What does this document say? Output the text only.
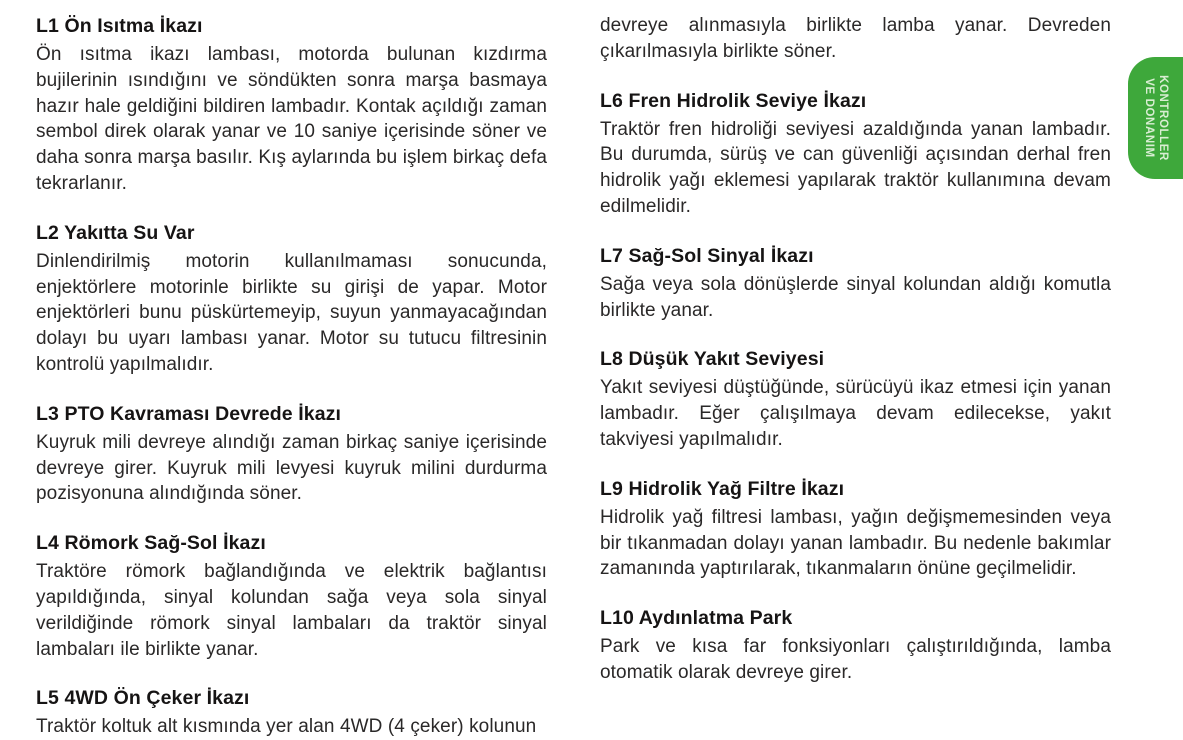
L1 Ön Isıtma İkazı

Ön ısıtma ikazı lambası, motorda bulunan kızdırma bujilerinin ısındığını ve söndükten sonra marşa basmaya hazır hale geldiğini bildiren lambadır. Kontak açıldığı zaman sembol direk olarak yanar ve 10 saniye içerisinde söner ve daha sonra marşa basılır. Kış aylarında bu işlem birkaç defa tekrarlanır.

L2 Yakıtta Su Var

Dinlendirilmiş motorin kullanılmaması sonucunda, enjektörlere motorinle birlikte su girişi de yapar. Motor enjektörleri bunu püskürtemeyip, suyun yanmayacağından dolayı bu uyarı lambası yanar. Motor su tutucu filtresinin kontrolü yapılmalıdır.

L3 PTO Kavraması Devrede İkazı

Kuyruk mili devreye alındığı zaman birkaç saniye içerisinde devreye girer. Kuyruk mili levyesi kuyruk milini durdurma pozisyonuna alındığında söner.

L4 Römork Sağ-Sol İkazı

Traktöre römork bağlandığında ve elektrik bağlantısı yapıldığında, sinyal kolundan sağa veya sola sinyal verildiğinde römork sinyal lambaları da traktör sinyal lambaları ile birlikte yanar.

L5 4WD Ön Çeker İkazı

Traktör koltuk alt kısmında yer alan 4WD (4 çeker) kolunun

devreye alınmasıyla birlikte lamba yanar. Devreden çıkarılmasıyla birlikte söner.

L6 Fren Hidrolik Seviye İkazı

Traktör fren hidroliği seviyesi azaldığında yanan lambadır. Bu durumda, sürüş ve can güvenliği açısından derhal fren hidrolik yağı eklemesi yapılarak traktör kullanımına devam edilmelidir.

L7 Sağ-Sol Sinyal İkazı

Sağa veya sola dönüşlerde sinyal kolundan aldığı komutla birlikte yanar.

L8 Düşük Yakıt Seviyesi

Yakıt seviyesi düştüğünde, sürücüyü ikaz etmesi için yanan lambadır. Eğer çalışılmaya devam edilecekse, yakıt takviyesi yapılmalıdır.

L9 Hidrolik Yağ Filtre İkazı

Hidrolik yağ filtresi lambası, yağın değişmemesinden veya bir tıkanmadan dolayı yanan lambadır. Bu nedenle bakımlar zamanında yaptırılarak, tıkanmaların önüne geçilmelidir.

L10 Aydınlatma Park

Park ve kısa far fonksiyonları çalıştırıldığında, lamba otomatik olarak devreye girer.

KONTROLLER
VE DONANIM
